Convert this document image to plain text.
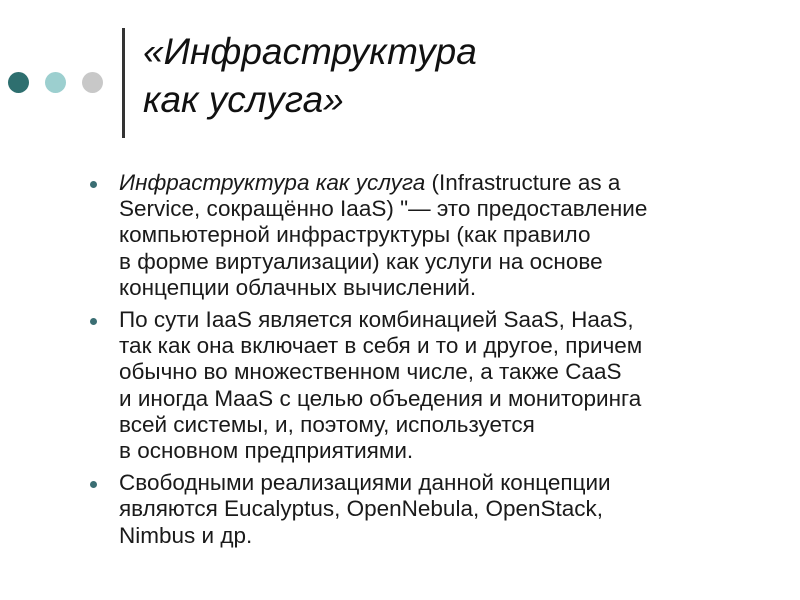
«Инфраструктура
как услуга»
Инфраструктура как услуга (Infrastructure as a
Service, сокращённо IaaS) "— это предоставление
компьютерной инфраструктуры (как правило
в форме виртуализации) как услуги на основе
концепции облачных вычислений.
По сути IaaS является комбинацией SaaS, HaaS,
так как она включает в себя и то и другое, причем
обычно во множественном числе, а также CaaS
и иногда MaaS с целью объедения и мониторинга
всей системы, и, поэтому, используется
в основном предприятиями.
Свободными реализациями данной концепции
являются Eucalyptus, OpenNebula, OpenStack,
Nimbus и др.
